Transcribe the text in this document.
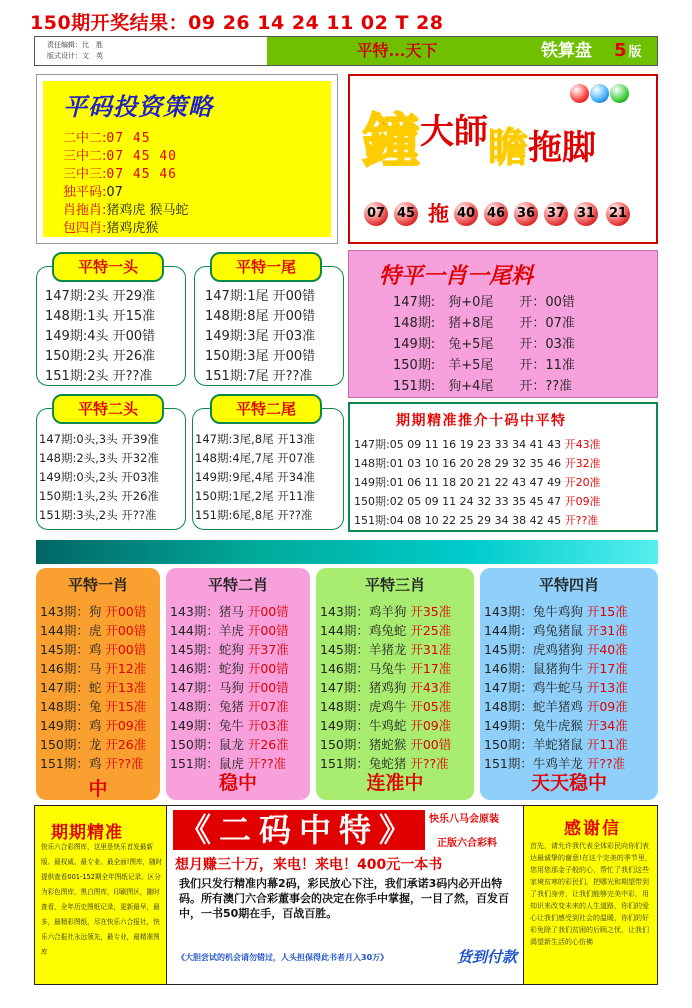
150期开奖结果：09 26 14 24 11 02 T 28
责任编辑：比　胜
版式设计：文　英	平特...天下	铁算盘 5 版
平码投资策略
二中二:07 45
三中二:07 45 40
三中三:07 45 46
独平码:07
肖拖肖:猪鸡虎 猴马蛇
包四肖:猪鸡虎猴
鐘$^{大師}$瞻拖脚
07 45 拖 40 46 36 37 31 21
147期:2头 开29准
148期:1头 开15准
149期:4头 开00错
150期:2头 开26准
151期:2头 开??准
平特一头
147期:1尾 开00错
148期:8尾 开00错
149期:3尾 开03准
150期:3尾 开00错
151期:7尾 开??准
平特一尾	特平一肖一尾料
147期:　狗+0尾　　开：00错
148期:　猪+8尾　　开：07准
149期:　兔+5尾　　开：03准
150期:　羊+5尾　　开：11准
151期:　狗+4尾　　开：??准
147期:0头,3头 开39准
148期:2头,3头 开32准
149期:0头,2头 开03准
150期:1头,2头 开26准
151期:3头,2头 开??准
平特二头
147期:3尾,8尾 开13准
148期:4尾,7尾 开07准
149期:9尾,4尾 开34准
150期:1尾,2尾 开11准
151期:6尾,8尾 开??准
平特二尾
期期精准推介十码中平特
147期:05 09 11 16 19 23 33 34 41 43 开43准
148期:01 03 10 16 20 28 29 32 35 46 开32准
149期:01 06 11 18 20 21 22 43 47 49 开20准
150期:02 05 09 11 24 32 33 35 45 47 开09准
151期:04 08 10 22 25 29 34 38 42 45 开??准
平特一肖
143期：狗 开00错
144期：虎 开00错
145期：鸡 开00错
146期：马 开12准
147期：蛇 开13准
148期：兔 开15准
149期：鸡 开09准
150期：龙 开26准
151期：鸡 开??准
中
平特二肖
143期：猪马 开00错
144期：羊虎 开00错
145期：蛇狗 开37准
146期：蛇狗 开00错
147期：马狗 开00错
148期：兔猪 开07准
149期：兔牛 开03准
150期：鼠龙 开26准
151期：鼠虎 开??准
稳中
平特三肖
143期：鸡羊狗 开35准
144期：鸡兔蛇 开25准
145期：羊猪龙 开31准
146期：马兔牛 开17准
147期：猪鸡狗 开43准
148期：虎鸡牛 开05准
149期：牛鸡蛇 开09准
150期：猪蛇猴 开00错
151期：兔蛇猪 开??准
连准中
平特四肖
143期：兔牛鸡狗 开15准
144期：鸡兔猪鼠 开31准
145期：虎鸡猪狗 开40准
146期：鼠猪狗牛 开17准
147期：鸡牛蛇马 开13准
148期：蛇羊猪鸡 开09准
149期：兔牛虎猴 开34准
150期：羊蛇猪鼠 开11准
151期：牛鸡羊龙 开??准
天天稳中
期期精准
快乐六合彩图库，这里是快乐首发最新版、最权威、最专业、最全面!图库，随时提供查看001-152期全年图纸记录。区分为彩色图库，黑白图库，印刷图区，随时查看，全年历史图纸记录，更新最早，最多，最精彩图纸，尽在快乐六合报社，快乐六合报社永远领先，最专业，最精准图库
《二码中特》	快乐八马会原装
正版六合彩料
想月赚三十万，来电！来电！400元一本书
我们只发行精准内幕2码，彩民放心下注，我们承诺3码内必开出特码。所有澳门六合彩董事会的决定在你手中掌握，一目了然，百发百中，一书50期在手，百战百胜。
《大胆尝试的机会请勿错过，人头担保得此书者月入30万》	货到付款
感谢信
首先，请允许我代表全体彩民向你们表达最诚挚的谢意!在这个完美的季节里，您用您那金子般的心，帮忙了我们这些家境贫寒的彩民们，把哪光和期望带到了我们身旁，让我们能够完美中彩，用知识来改变未来的人生道路，你们的爱心让我们感受到社会的温暖，你们的好彩免除了我们贫困的后顾之忧，让我们渴望新生活的心仿佛
